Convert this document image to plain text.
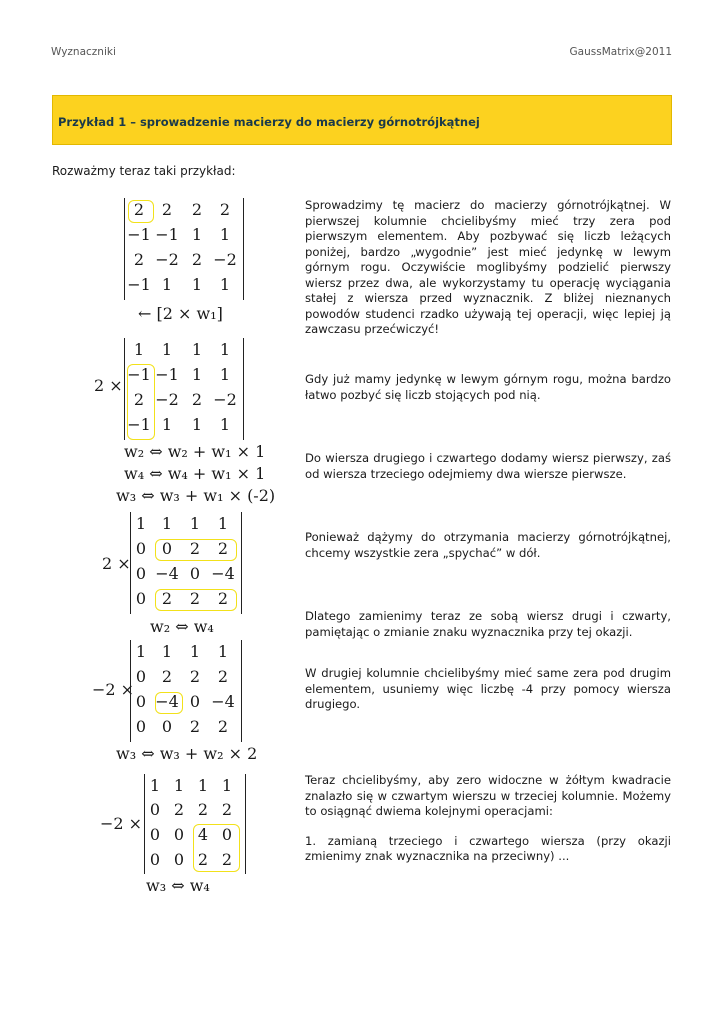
Wyznaczniki	GaussMatrix@2011
Przykład 1 – sprowadzenie macierzy do macierzy górnotrójkątnej
Rozważmy teraz taki przykład:

Sprowadzimy tę macierz do macierzy górnotrójkątnej. W pierwszej kolumnie chcielibyśmy mieć trzy zera pod pierwszym elementem. Aby pozbywać się liczb leżących poniżej, bardzo „wygodnie” jest mieć jedynkę w lewym górnym rogu. Oczywiście moglibyśmy podzielić pierwszy wiersz przez dwa, ale wykorzystamy tu operację wyciągania stałej z wiersza przed wyznacznik. Z bliżej nieznanych powodów studenci rzadko używają tej operacji, więc lepiej ją zawczasu przećwiczyć!

Gdy już mamy jedynkę w lewym górnym rogu, można bardzo łatwo pozbyć się liczb stojących pod nią.

Do wiersza drugiego i czwartego dodamy wiersz pierwszy, zaś od wiersza trzeciego odejmiemy dwa wiersze pierwsze.

Ponieważ dążymy do otrzymania macierzy górnotrójkątnej, chcemy wszystkie zera „spychać” w dół.

Dlatego zamienimy teraz ze sobą wiersz drugi i czwarty, pamiętając o zmianie znaku wyznacznika przy tej okazji.

W drugiej kolumnie chcielibyśmy mieć same zera pod drugim elementem, usuniemy więc liczbę -4 przy pomocy wiersza drugiego.

Teraz chcielibyśmy, aby zero widoczne w żółtym kwadracie znalazło się w czwartym wierszu w trzeciej kolumnie. Możemy to osiągnąć dwiema kolejnymi operacjami:

1. zamianą trzeciego i czwartego wiersza (przy okazji zmienimy znak wyznacznika na przeciwny) ...

2	2	2	2
−1 −1 1	1
2 −2 2 −2
−1 1	1	1
← [2 × w₁]
2 ×
1	1	1	1
−1 −1 1	1
2 −2 2 −2
−1 1	1	1
w₂ ⇔ w₂ + w₁ × 1
w₄ ⇔ w₄ + w₁ × 1
w₃ ⇔ w₃ + w₁ × (-2)
2 ×
1 1	1	1
0 0	2	2
0 −4 0 −4
0 2	2	2
w₂ ⇔ w₄
−2 ×
1 1	1	1
0 2	2	2
0 −4 0 −4
0 0	2	2
w₃ ⇔ w₃ + w₂ × 2
−2 ×
1 1 1 1
0 2 2 2
0 0 4 0
0 0 2 2
w₃ ⇔ w₄
